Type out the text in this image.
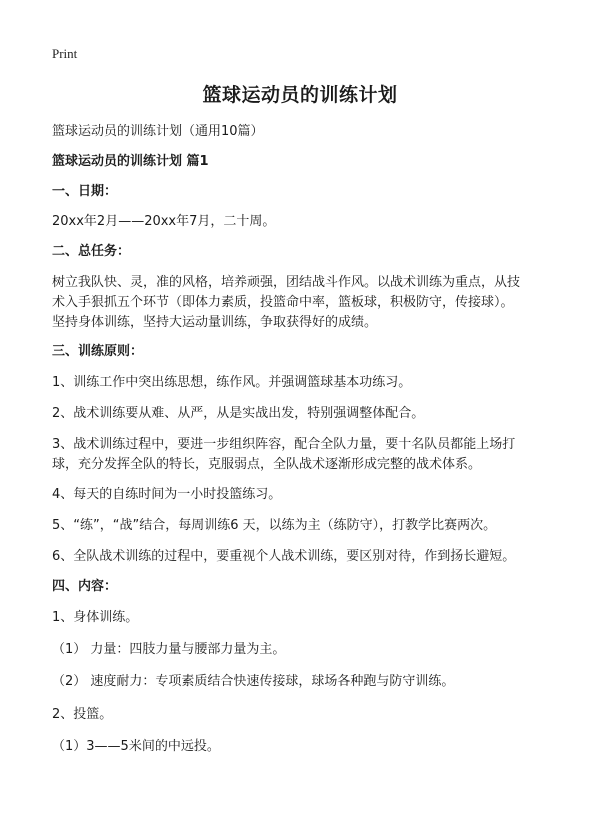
Print
篮球运动员的训练计划
篮球运动员的训练计划（通用10篇）
篮球运动员的训练计划 篇1
一、日期：
20xx年2月——20xx年7月，二十周。
二、总任务：
树立我队快、灵，准的风格，培养顽强，团结战斗作风。以战术训练为重点，从技
术入手狠抓五个环节（即体力素质，投篮命中率，篮板球，积极防守，传接球）。
坚持身体训练，坚持大运动量训练，争取获得好的成绩。
三、训练原则：
1、训练工作中突出练思想，练作风。并强调篮球基本功练习。
2、战术训练要从难、从严，从是实战出发，特别强调整体配合。
3、战术训练过程中，要进一步组织阵容，配合全队力量，要十名队员都能上场打
球，充分发挥全队的特长，克服弱点，全队战术逐渐形成完整的战术体系。
4、每天的自练时间为一小时投篮练习。
5、“练”，“战”结合，每周训练6 天，以练为主（练防守），打教学比赛两次。
6、全队战术训练的过程中，要重视个人战术训练，要区别对待，作到扬长避短。
四、内容：
1、身体训练。
（1） 力量：四肢力量与腰部力量为主。
（2） 速度耐力：专项素质结合快速传接球，球场各种跑与防守训练。
2、投篮。
（1）3——5米间的中远投。
